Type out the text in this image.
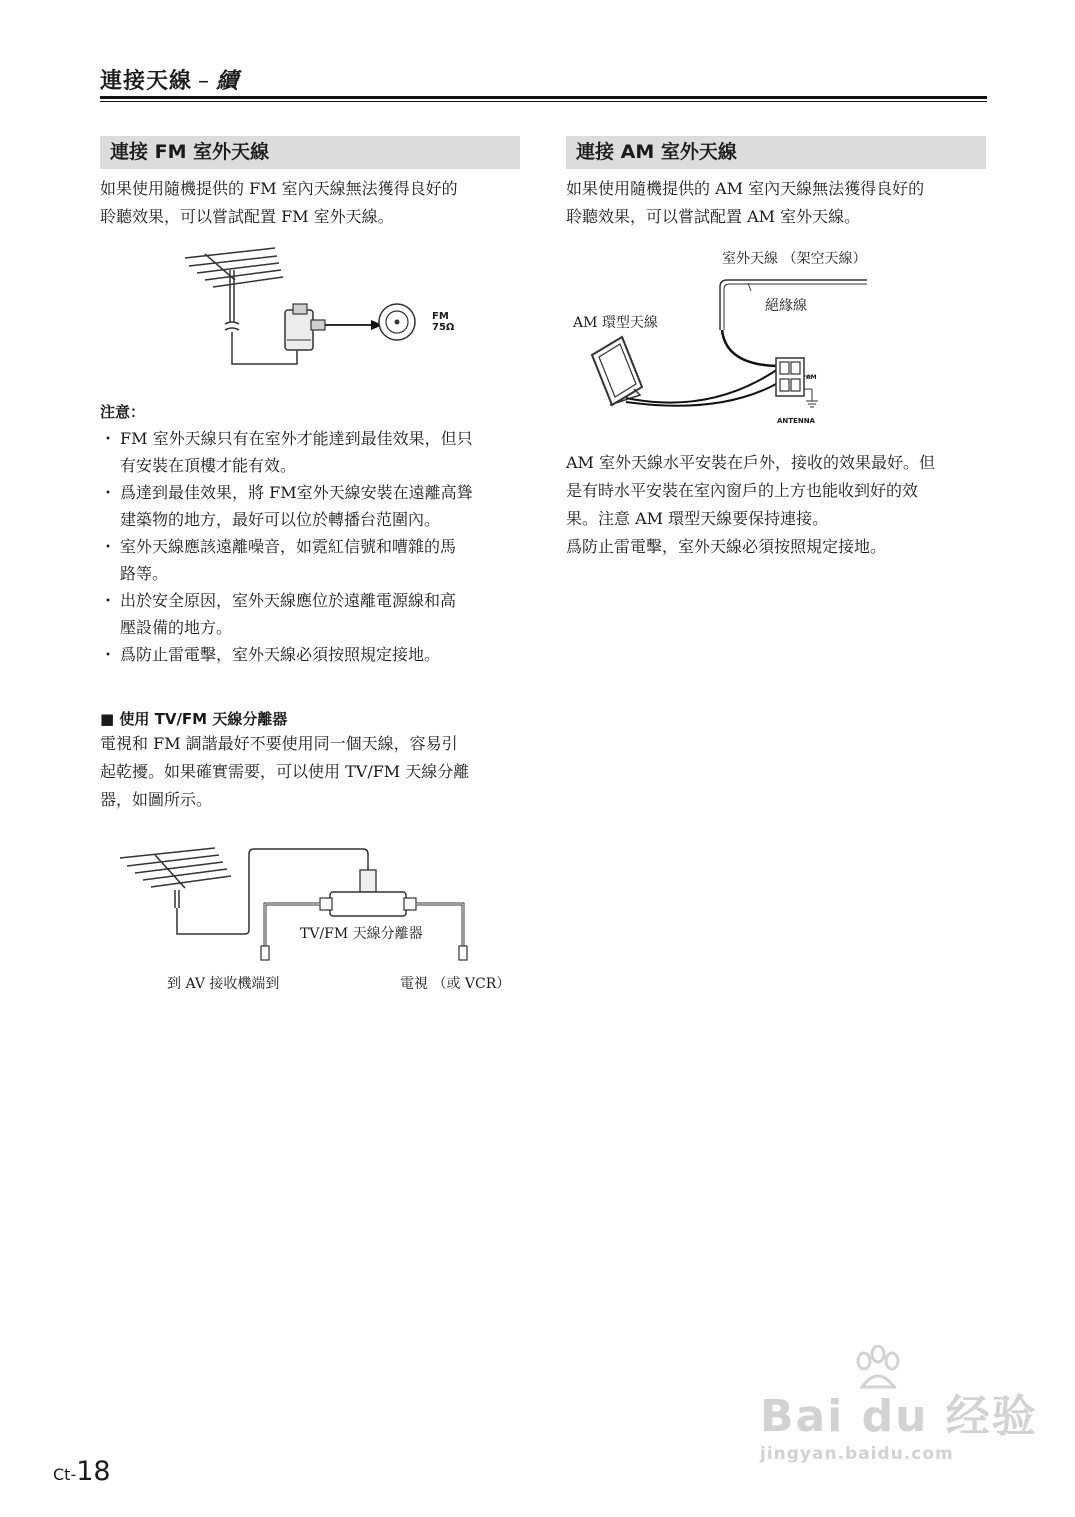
連接天線 – 續
連接 FM 室外天線

如果使用隨機提供的 FM 室內天線無法獲得良好的

聆聽效果，可以嘗試配置 FM 室外天線。

FM
75Ω
注意：
・ FM 室外天線只有在室外才能達到最佳效果，但只
有安裝在頂樓才能有效。
・ 爲達到最佳效果，將 FM室外天線安裝在遠離高聳
建築物的地方，最好可以位於轉播台范圍內。
・ 室外天線應該遠離噪音，如霓紅信號和嘈雜的馬
路等。
・ 出於安全原因，室外天線應位於遠離電源線和高
壓設備的地方。
・ 爲防止雷電擊，室外天線必須按照規定接地。
■ 使用 TV/FM 天線分離器

電視和 FM 調諧最好不要使用同一個天線，容易引

起乾擾。如果確實需要，可以使用 TV/FM 天線分離

器，如圖所示。

TV/FM 天線分離器
到 AV 接收機端到	電視 （或 VCR）
連接 AM 室外天線

如果使用隨機提供的 AM 室內天線無法獲得良好的

聆聽效果，可以嘗試配置 AM 室外天線。

室外天線 （架空天線）
絕緣線
AM 環型天線
AM
ANTENNA

AM 室外天線水平安裝在戶外，接收的效果最好。但

是有時水平安裝在室內窗戶的上方也能收到好的效

果。注意 AM 環型天線要保持連接。

爲防止雷電擊，室外天線必須按照規定接地。

Ct-18
Bai du 经验
jingyan.baidu.com
